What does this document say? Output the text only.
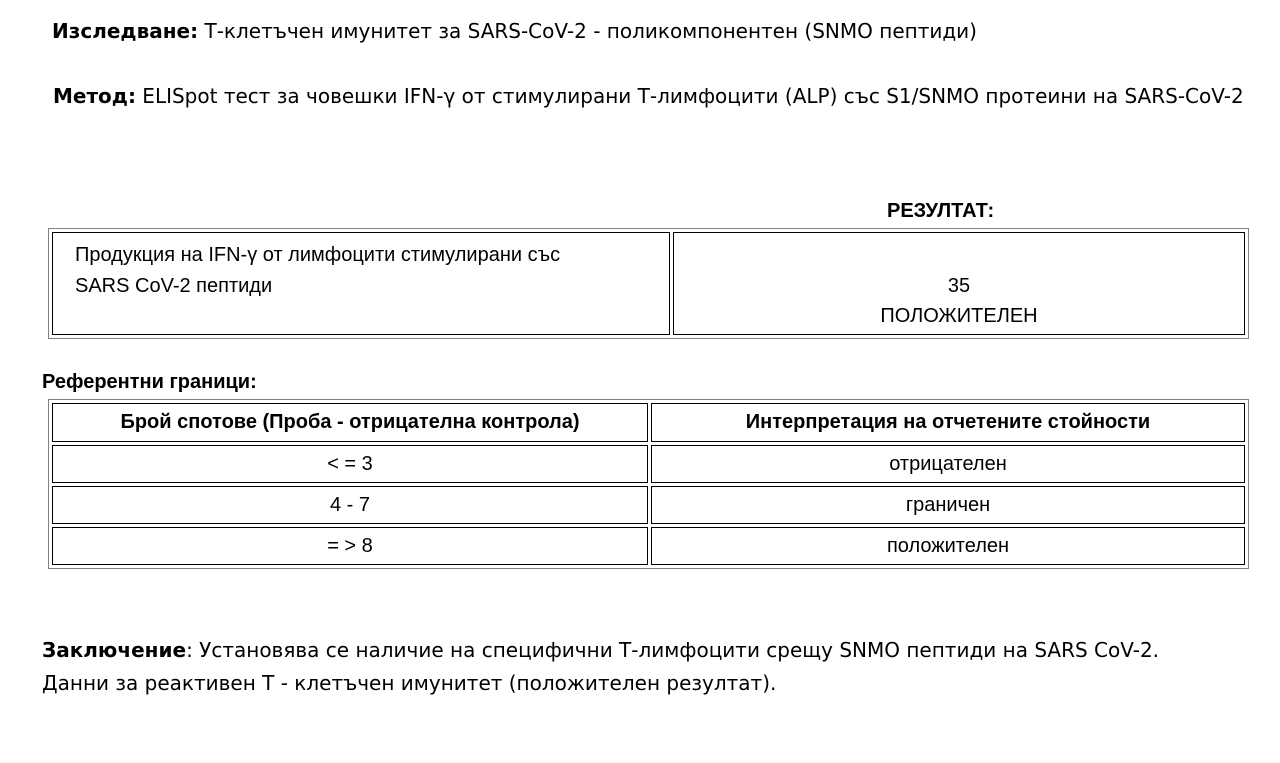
Изследване: Т-клетъчен имунитет за SARS-CoV-2 - поликомпонентен (SNMO пептиди)
Метод: ELISpot тест за човешки IFN-γ от стимулирани Т-лимфоцити (ALP) със S1/SNMO протеини на SARS-CoV-2
РЕЗУЛТАТ:
Продукция на IFN-γ от лимфоцити стимулирани със
SARS CoV-2 пептиди	35
ПОЛОЖИТЕЛЕН
Референтни граници:
Брой спотове (Проба - отрицателна контрола)	Интерпретация на отчетените стойности
< = 3	отрицателен
4 - 7	граничен
= > 8	положителен
Заключение: Установява се наличие на специфични Т-лимфоцити срещу SNMO пептиди на SARS CoV-2.
Данни за реактивен Т - клетъчен имунитет (положителен резултат).
